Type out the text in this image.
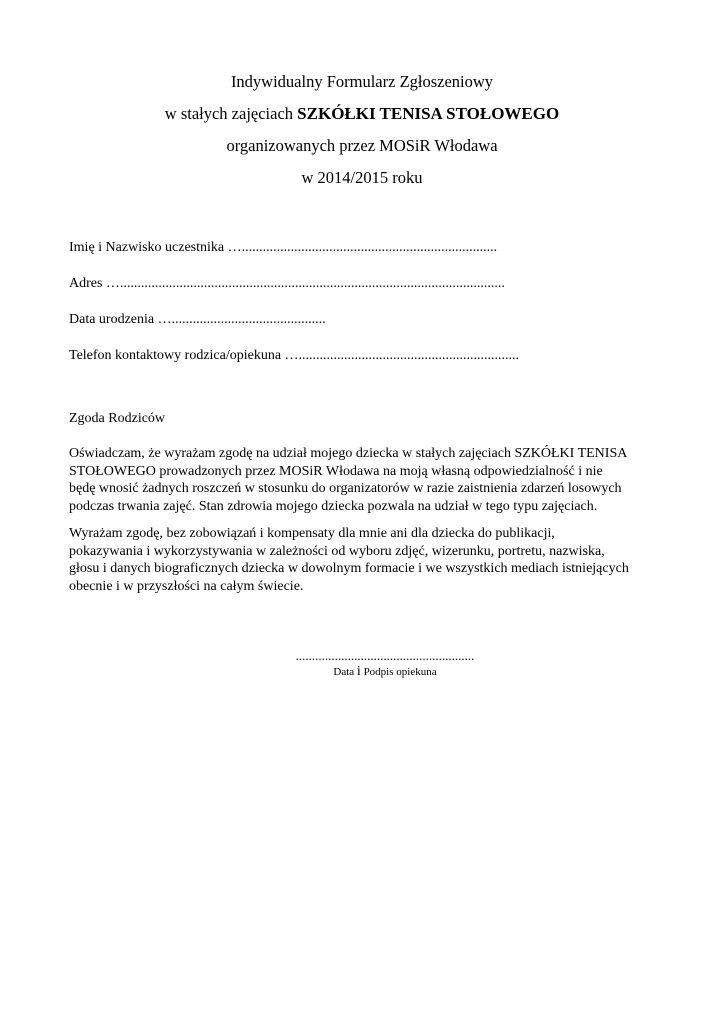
Indywidualny Formularz Zgłoszeniowy
w stałych zajęciach SZKÓŁKI TENISA STOŁOWEGO
organizowanych przez MOSiR Włodawa
w 2014/2015 roku
Imię i Nazwisko uczestnika ….........................................................................
Adres …..............................................................................................................
Data urodzenia …............................................
Telefon kontaktowy rodzica/opiekuna …...............................................................
Zgoda Rodziców
Oświadczam, że wyrażam zgodę na udział mojego dziecka w stałych zajęciach SZKÓŁKI TENISA
STOŁOWEGO prowadzonych przez MOSiR Włodawa na moją własną odpowiedzialność i nie
będę wnosić żadnych roszczeń w stosunku do organizatorów w razie zaistnienia zdarzeń losowych
podczas trwania zajęć. Stan zdrowia mojego dziecka pozwala na udział w tego typu zajęciach.
Wyrażam zgodę, bez zobowiązań i kompensaty dla mnie ani dla dziecka do publikacji,
pokazywania i wykorzystywania w zależności od wyboru zdjęć, wizerunku, portretu, nazwiska,
głosu i danych biograficznych dziecka w dowolnym formacie i we wszystkich mediach istniejących
obecnie i w przyszłości na całym świecie.
.......................................................
Data i Podpis opiekuna
